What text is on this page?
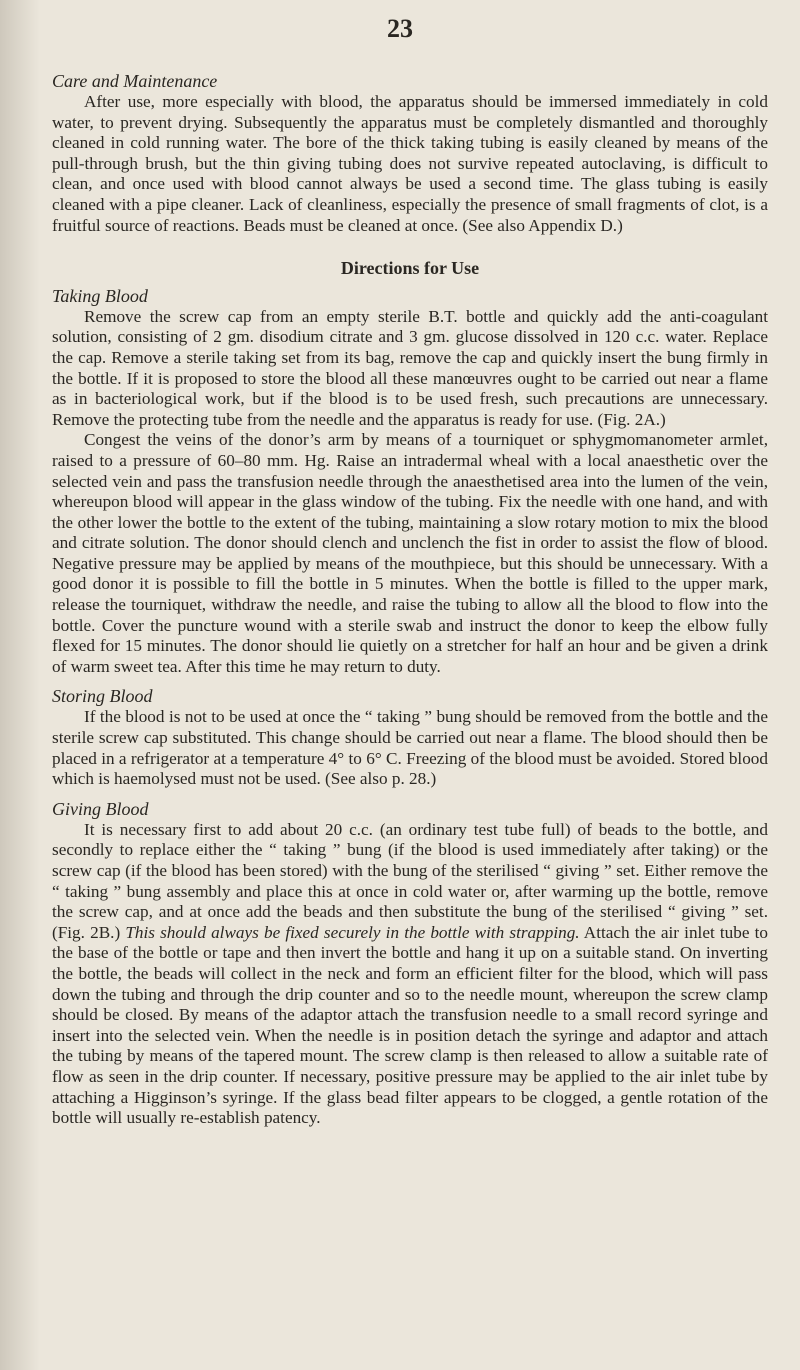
23

Care and Maintenance

After use, more especially with blood, the apparatus should be immersed immediately in cold water, to prevent drying. Subsequently the apparatus must be completely dismantled and thoroughly cleaned in cold running water. The bore of the thick taking tubing is easily cleaned by means of the pull-through brush, but the thin giving tubing does not survive repeated autoclaving, is difficult to clean, and once used with blood cannot always be used a second time. The glass tubing is easily cleaned with a pipe cleaner. Lack of cleanliness, especially the presence of small fragments of clot, is a fruitful source of reactions. Beads must be cleaned at once. (See also Appendix D.)

Directions for Use

Taking Blood

Remove the screw cap from an empty sterile B.T. bottle and quickly add the anti-coagulant solution, consisting of 2 gm. disodium citrate and 3 gm. glucose dissolved in 120 c.c. water. Replace the cap. Remove a sterile taking set from its bag, remove the cap and quickly insert the bung firmly in the bottle. If it is proposed to store the blood all these manœuvres ought to be carried out near a flame as in bacteriological work, but if the blood is to be used fresh, such precautions are unnecessary. Remove the protecting tube from the needle and the apparatus is ready for use. (Fig. 2A.)

Congest the veins of the donor’s arm by means of a tourniquet or sphygmomanometer armlet, raised to a pressure of 60–80 mm. Hg. Raise an intradermal wheal with a local anaesthetic over the selected vein and pass the transfusion needle through the anaesthetised area into the lumen of the vein, whereupon blood will appear in the glass window of the tubing. Fix the needle with one hand, and with the other lower the bottle to the extent of the tubing, maintaining a slow rotary motion to mix the blood and citrate solution. The donor should clench and unclench the fist in order to assist the flow of blood. Negative pressure may be applied by means of the mouthpiece, but this should be unnecessary. With a good donor it is possible to fill the bottle in 5 minutes. When the bottle is filled to the upper mark, release the tourniquet, withdraw the needle, and raise the tubing to allow all the blood to flow into the bottle. Cover the puncture wound with a sterile swab and instruct the donor to keep the elbow fully flexed for 15 minutes. The donor should lie quietly on a stretcher for half an hour and be given a drink of warm sweet tea. After this time he may return to duty.

Storing Blood

If the blood is not to be used at once the “ taking ” bung should be removed from the bottle and the sterile screw cap substituted. This change should be carried out near a flame. The blood should then be placed in a refrigerator at a temperature 4° to 6° C. Freezing of the blood must be avoided. Stored blood which is haemolysed must not be used. (See also p. 28.)

Giving Blood

It is necessary first to add about 20 c.c. (an ordinary test tube full) of beads to the bottle, and secondly to replace either the “ taking ” bung (if the blood is used immediately after taking) or the screw cap (if the blood has been stored) with the bung of the sterilised “ giving ” set. Either remove the “ taking ” bung assembly and place this at once in cold water or, after warming up the bottle, remove the screw cap, and at once add the beads and then substitute the bung of the sterilised “ giving ” set. (Fig. 2B.) This should always be fixed securely in the bottle with strapping. Attach the air inlet tube to the base of the bottle or tape and then invert the bottle and hang it up on a suitable stand. On inverting the bottle, the beads will collect in the neck and form an efficient filter for the blood, which will pass down the tubing and through the drip counter and so to the needle mount, whereupon the screw clamp should be closed. By means of the adaptor attach the transfusion needle to a small record syringe and insert into the selected vein. When the needle is in position detach the syringe and adaptor and attach the tubing by means of the tapered mount. The screw clamp is then released to allow a suitable rate of flow as seen in the drip counter. If necessary, positive pressure may be applied to the air inlet tube by attaching a Higginson’s syringe. If the glass bead filter appears to be clogged, a gentle rotation of the bottle will usually re-establish patency.
